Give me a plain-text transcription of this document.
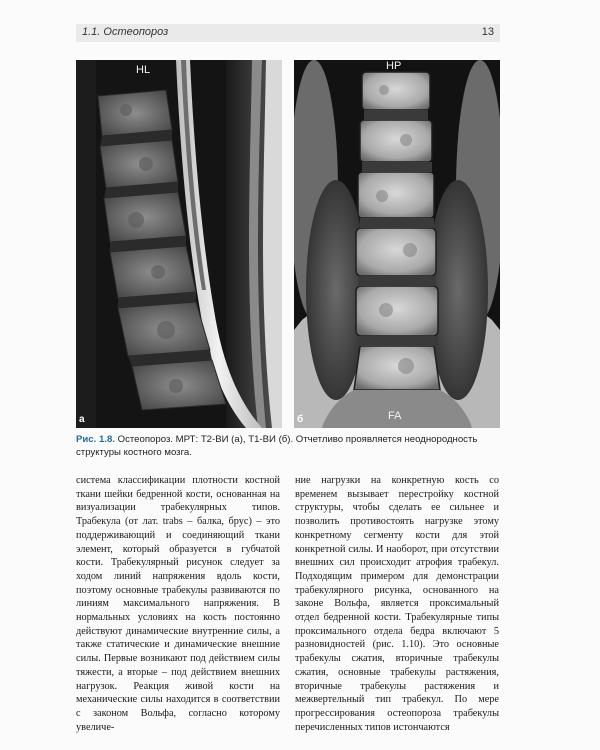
1.1. Остеопороз	13
HL
а
HP
FA
б
Рис. 1.8. Остеопороз. МРТ: Т2-ВИ (а), Т1-ВИ (б). Отчетливо проявляется неоднородность структуры костного мозга.

система классификации плотности костной ткани шейки бедренной кости, основанная на визуализации трабекулярных типов. Трабекула (от лат. trabs – балка, брус) – это поддерживающий и соединяющий ткани элемент, который образуется в губчатой кости. Трабекулярный рисунок следует за ходом линий напряжения вдоль кости, поэтому основные трабекулы развиваются по линиям максимального напряжения. В нормальных условиях на кость постоянно действуют динамические внутренние силы, а также статические и динамические внешние силы. Первые возникают под действием силы тяжести, а вторые – под действием внешних нагрузок. Реакция живой кости на механические силы находится в соответствии с законом Вольфа, согласно которому увеличе-

ние нагрузки на конкретную кость со временем вызывает перестройку костной структуры, чтобы сделать ее сильнее и позволить противостоять нагрузке этому конкретному сегменту кости для этой конкретной силы. И наоборот, при отсутствии внешних сил происходит атрофия трабекул. Подходящим примером для демонстрации трабекулярного рисунка, основанного на законе Вольфа, является проксимальный отдел бедренной кости. Трабекулярные типы проксимального отдела бедра включают 5 разновидностей (рис. 1.10). Это основные трабекулы сжатия, вторичные трабекулы сжатия, основные трабекулы растяжения, вторичные трабекулы растяжения и межвертельный тип трабекул. По мере прогрессирования остеопороза трабекулы перечисленных типов истончаются
